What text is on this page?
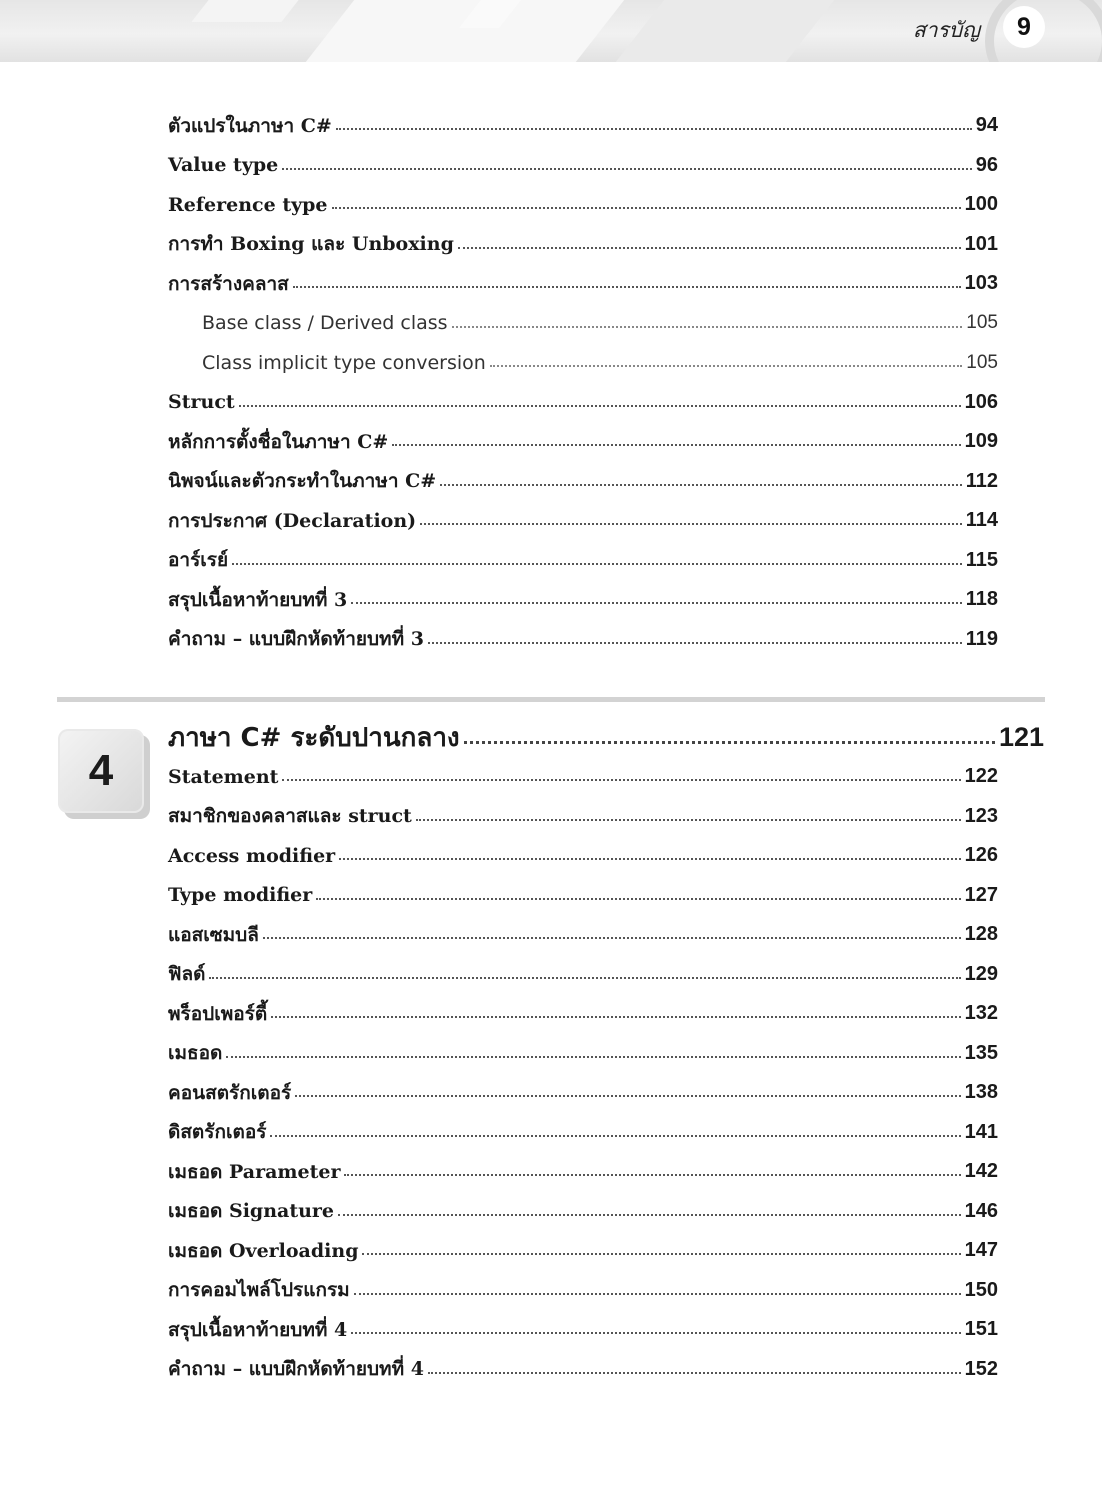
สารบัญ	9
ตัวแปรในภาษา C#	94
Value type	96
Reference type	100
การทำ Boxing และ Unboxing	101
การสร้างคลาส	103
Base class / Derived class	105
Class implicit type conversion	105
Struct	106
หลักการตั้งชื่อในภาษา C#	109
นิพจน์และตัวกระทำในภาษา C#	112
การประกาศ (Declaration)	114
อาร์เรย์	115
สรุปเนื้อหาท้ายบทที่ 3	118
คำถาม – แบบฝึกหัดท้ายบทที่ 3	119
4
ภาษา C# ระดับปานกลาง	121
Statement	122
สมาชิกของคลาสและ struct	123
Access modifier	126
Type modifier	127
แอสเซมบลี	128
ฟิลด์	129
พร็อปเพอร์ตี้	132
เมธอด	135
คอนสตรักเตอร์	138
ดิสตรักเตอร์	141
เมธอด Parameter	142
เมธอด Signature	146
เมธอด Overloading	147
การคอมไพล์โปรแกรม	150
สรุปเนื้อหาท้ายบทที่ 4	151
คำถาม – แบบฝึกหัดท้ายบทที่ 4	152
